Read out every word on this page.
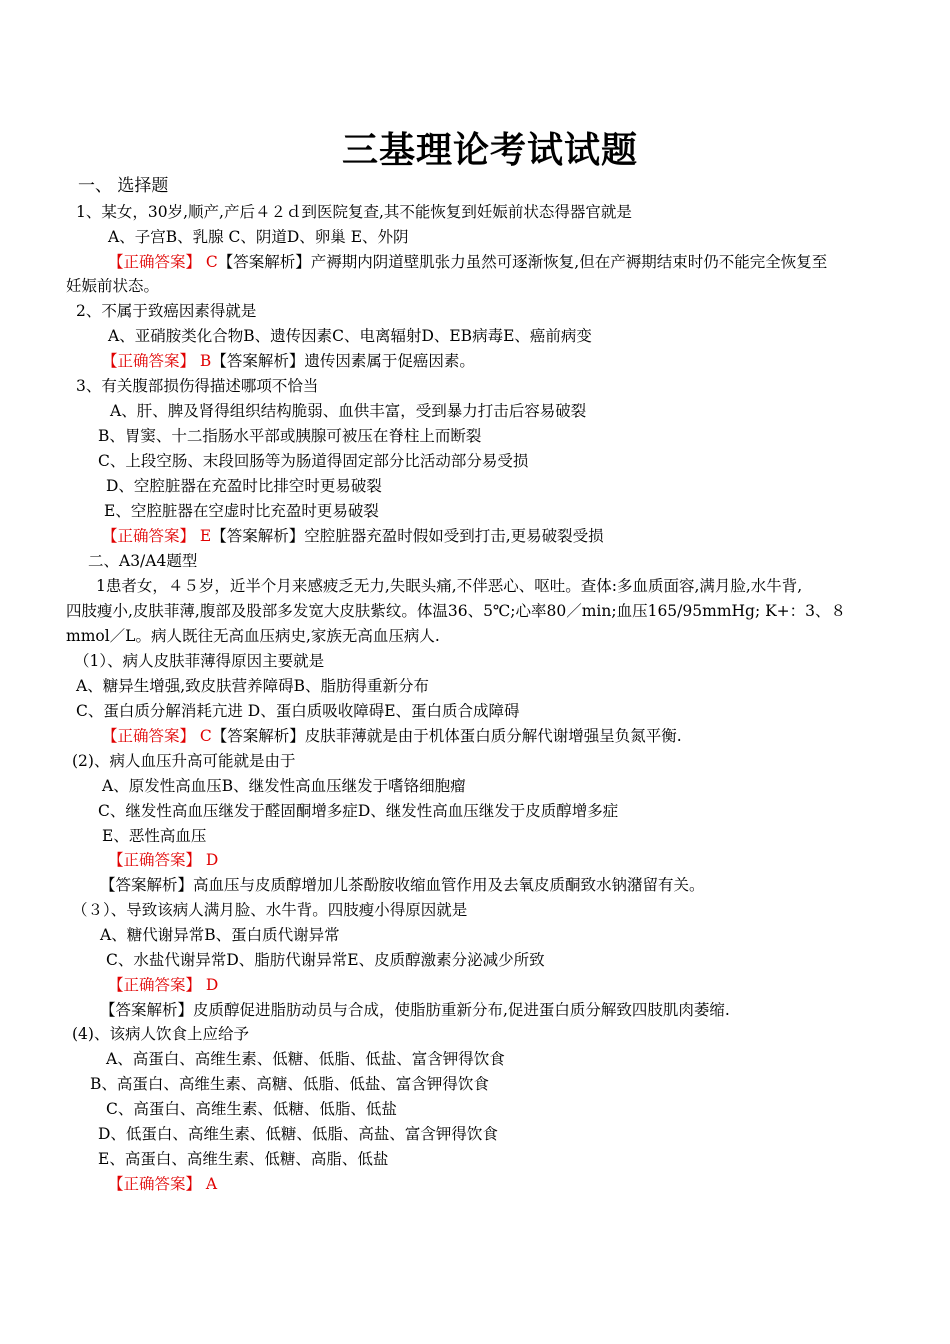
三基理论考试试题
一、 选择题
1、某女，30岁,顺产,产后４２ｄ到医院复查,其不能恢复到妊娠前状态得器官就是
A、子宫B、乳腺 C、阴道D、卵巢 E、外阴
【正确答案】 C【答案解析】产褥期内阴道壁肌张力虽然可逐渐恢复,但在产褥期结束时仍不能完全恢复至
妊娠前状态。
2、不属于致癌因素得就是
A、亚硝胺类化合物B、遗传因素C、电离辐射D、EB病毒E、癌前病变
【正确答案】 B【答案解析】遗传因素属于促癌因素。
3、有关腹部损伤得描述哪项不恰当
A、肝、脾及肾得组织结构脆弱、血供丰富，受到暴力打击后容易破裂
B、胃窦、十二指肠水平部或胰腺可被压在脊柱上而断裂
C、上段空肠、末段回肠等为肠道得固定部分比活动部分易受损
D、空腔脏器在充盈时比排空时更易破裂
E、空腔脏器在空虚时比充盈时更易破裂
【正确答案】 E【答案解析】空腔脏器充盈时假如受到打击,更易破裂受损
二、A3/A4题型
1患者女，４５岁，近半个月来感疲乏无力,失眠头痛,不伴恶心、呕吐。查体:多血质面容,满月脸,水牛背,
四肢瘦小,皮肤菲薄,腹部及股部多发宽大皮肤紫纹。体温36、5℃;心率80／min;血压165/95mmHg; K+：3、８
mmol／L。病人既往无高血压病史,家族无高血压病人.
（1）、病人皮肤菲薄得原因主要就是
A、糖异生增强,致皮肤营养障碍B、脂肪得重新分布
C、蛋白质分解消耗亢进 D、蛋白质吸收障碍E、蛋白质合成障碍
【正确答案】 C【答案解析】皮肤菲薄就是由于机体蛋白质分解代谢增强呈负氮平衡.
(2)、病人血压升高可能就是由于
A、原发性高血压B、继发性高血压继发于嗜铬细胞瘤
C、继发性高血压继发于醛固酮增多症D、继发性高血压继发于皮质醇增多症
E、恶性高血压
【正确答案】 D
【答案解析】高血压与皮质醇增加儿茶酚胺收缩血管作用及去氧皮质酮致水钠潴留有关。
（３）、导致该病人满月脸、水牛背。四肢瘦小得原因就是
A、糖代谢异常B、蛋白质代谢异常
C、水盐代谢异常D、脂肪代谢异常E、皮质醇激素分泌减少所致
【正确答案】 D
【答案解析】皮质醇促进脂肪动员与合成，使脂肪重新分布,促进蛋白质分解致四肢肌肉萎缩.
(4)、该病人饮食上应给予
A、高蛋白、高维生素、低糖、低脂、低盐、富含钾得饮食
B、高蛋白、高维生素、高糖、低脂、低盐、富含钾得饮食
C、高蛋白、高维生素、低糖、低脂、低盐
D、低蛋白、高维生素、低糖、低脂、高盐、富含钾得饮食
E、高蛋白、高维生素、低糖、高脂、低盐
【正确答案】 A
